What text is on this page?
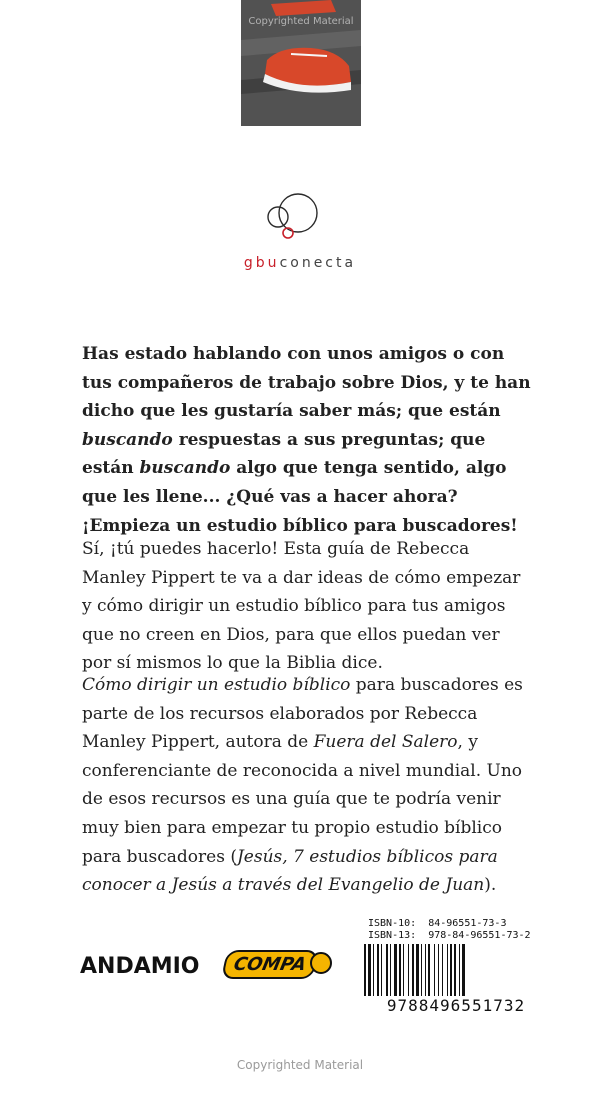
Copyrighted Material
gbuconecta
Has estado hablando con unos amigos o con tus compañeros de trabajo sobre Dios, y te han dicho que les gustaría saber más; que están buscando respuestas a sus preguntas; que están buscando algo que tenga sentido, algo que les llene... ¿Qué vas a hacer ahora? ¡Empieza un estudio bíblico para buscadores!
Sí, ¡tú puedes hacerlo! Esta guía de Rebecca Manley Pippert te va a dar ideas de cómo empezar y cómo dirigir un estudio bíblico para tus amigos que no creen en Dios, para que ellos puedan ver por sí mismos lo que la Biblia dice.
Cómo dirigir un estudio bíblico para buscadores es parte de los recursos elaborados por Rebecca Manley Pippert, autora de Fuera del Salero, y conferenciante de reconocida a nivel mundial. Uno de esos recursos es una guía que te podría venir muy bien para empezar tu propio estudio bíblico para buscadores (Jesús, 7 estudios bíblicos para conocer a Jesús a través del Evangelio de Juan).
ANDAMIO	COMPA
ISBN-10:  84-96551-73-3
ISBN-13:  978-84-96551-73-2
9788496551732
Copyrighted Material
